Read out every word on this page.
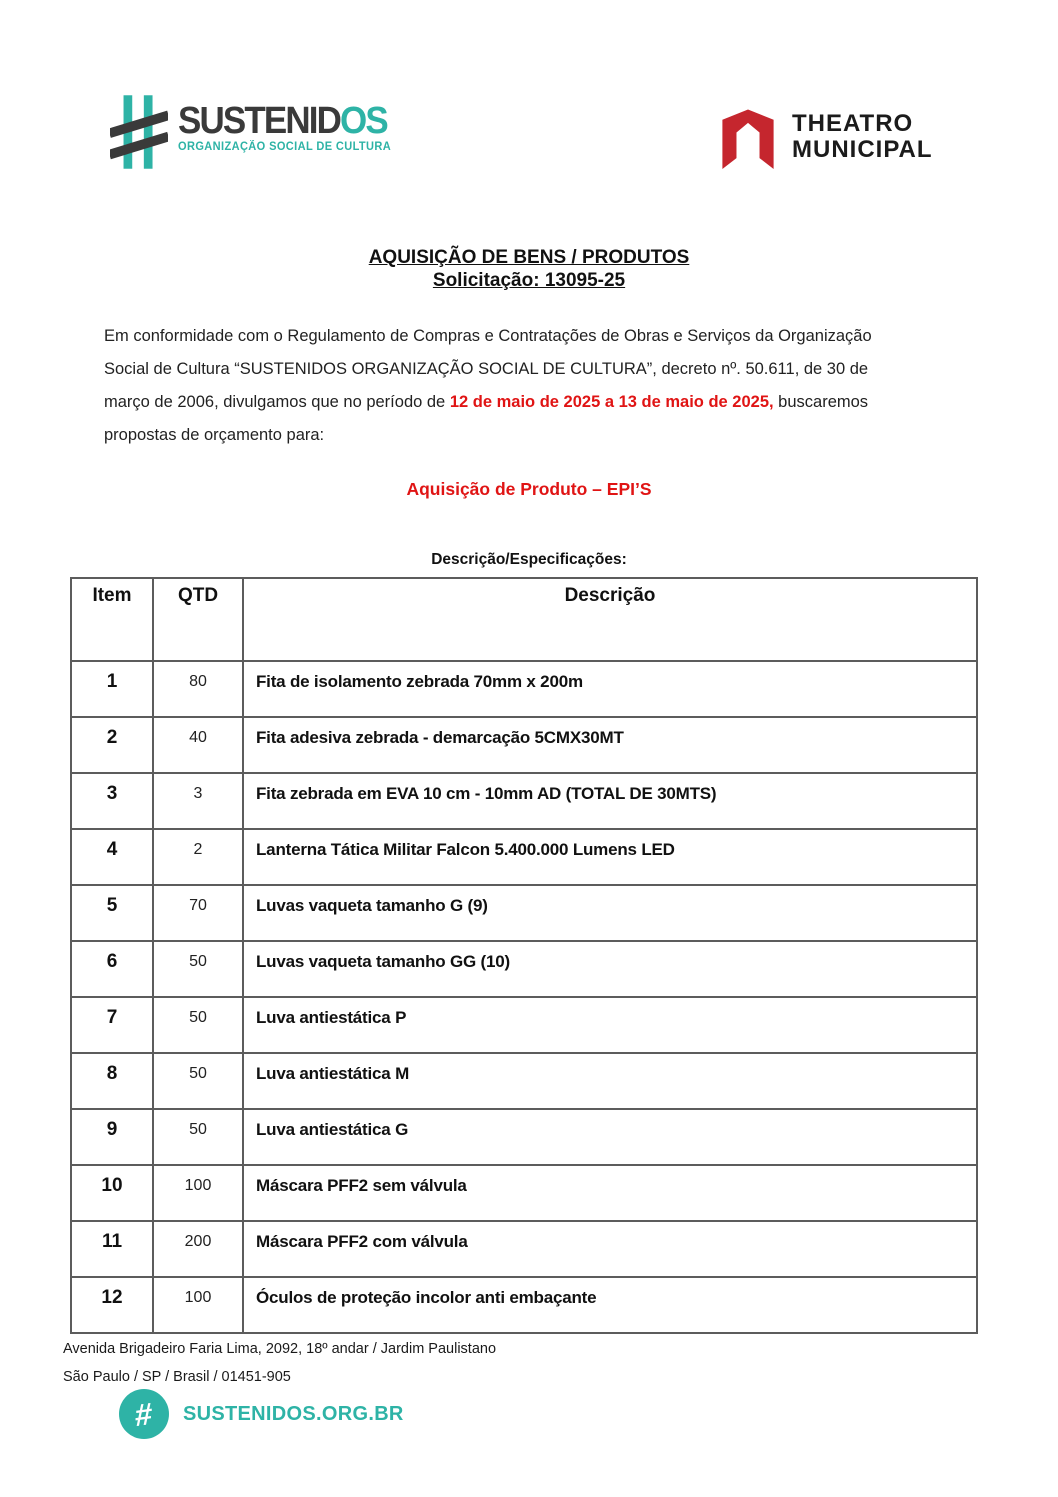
SUSTENIDOS
ORGANIZAÇÃO SOCIAL DE CULTURA
THEATRO
MUNICIPAL
AQUISIÇÃO DE BENS / PRODUTOS
Solicitação: 13095-25
Em conformidade com o Regulamento de Compras e Contratações de Obras e Serviços da Organização
Social de Cultura “SUSTENIDOS ORGANIZAÇÃO SOCIAL DE CULTURA”, decreto nº. 50.611, de 30 de
março de 2006, divulgamos que no período de 12 de maio de 2025 a 13 de maio de 2025, buscaremos
propostas de orçamento para:
Aquisição de Produto – EPI’S
Descrição/Especificações:
Item	QTD	Descrição
1	80	Fita de isolamento zebrada 70mm x 200m
2	40	Fita adesiva zebrada - demarcação 5CMX30MT
3	3	Fita zebrada em EVA 10 cm - 10mm AD (TOTAL DE 30MTS)
4	2	Lanterna Tática Militar Falcon 5.400.000 Lumens LED
5	70	Luvas vaqueta tamanho G (9)
6	50	Luvas vaqueta tamanho GG (10)
7	50	Luva antiestática P
8	50	Luva antiestática M
9	50	Luva antiestática G
10	100	Máscara PFF2 sem válvula
11	200	Máscara PFF2 com válvula
12	100	Óculos de proteção incolor anti embaçante
Avenida Brigadeiro Faria Lima, 2092, 18º andar / Jardim Paulistano
São Paulo / SP / Brasil / 01451-905
# SUSTENIDOS.ORG.BR
